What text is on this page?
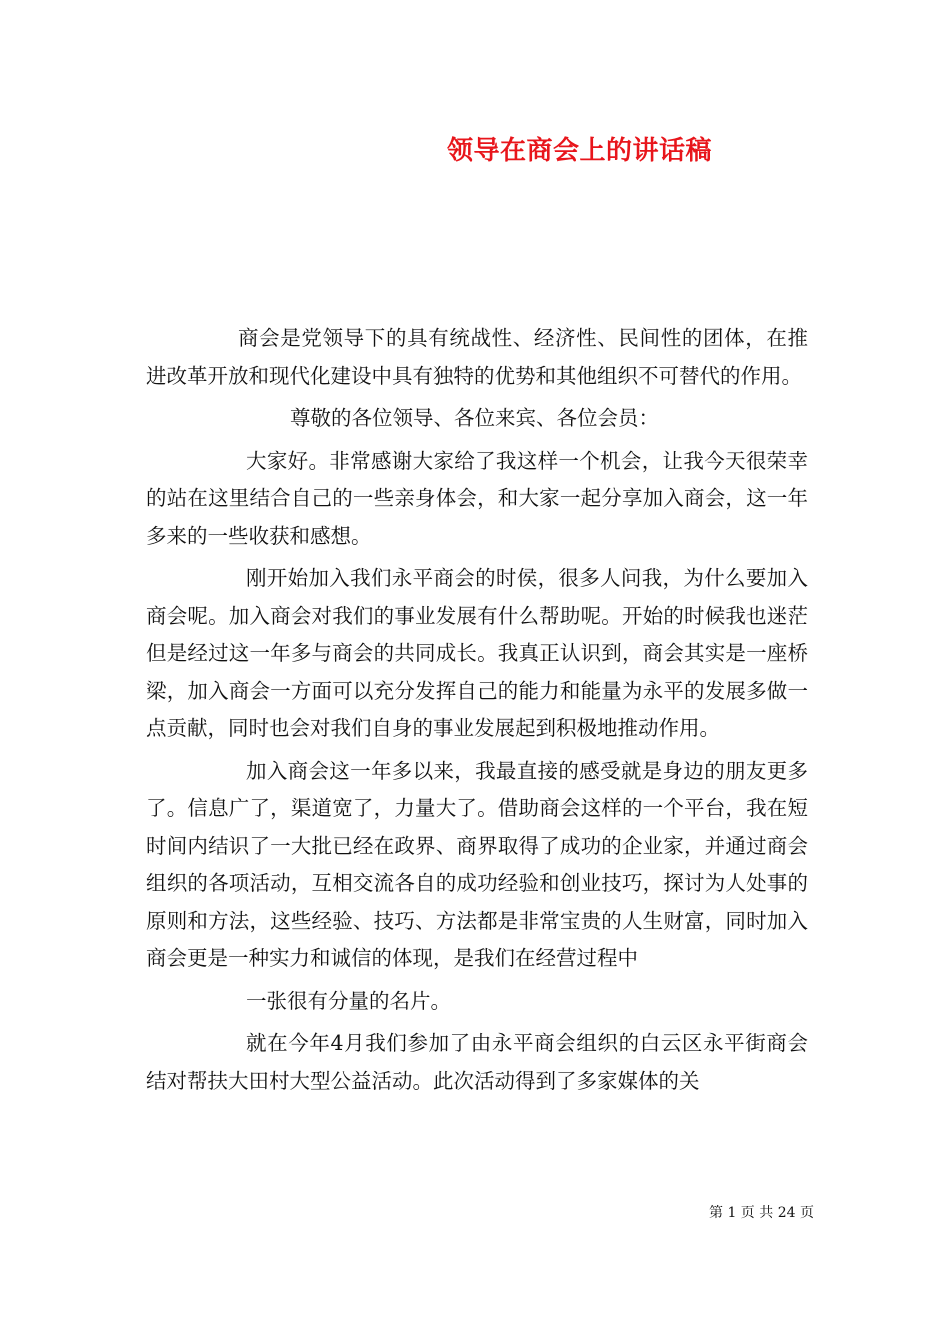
领导在商会上的讲话稿

商会是党领导下的具有统战性、经济性、民间性的团体，在推进改革开放和现代化建设中具有独特的优势和其他组织不可替代的作用。

尊敬的各位领导、各位来宾、各位会员：

大家好。非常感谢大家给了我这样一个机会，让我今天很荣幸的站在这里结合自己的一些亲身体会，和大家一起分享加入商会，这一年多来的一些收获和感想。

刚开始加入我们永平商会的时侯，很多人问我，为什么要加入商会呢。加入商会对我们的事业发展有什么帮助呢。开始的时候我也迷茫但是经过这一年多与商会的共同成长。我真正认识到，商会其实是一座桥梁，加入商会一方面可以充分发挥自己的能力和能量为永平的发展多做一点贡献，同时也会对我们自身的事业发展起到积极地推动作用。

加入商会这一年多以来，我最直接的感受就是身边的朋友更多了。信息广了，渠道宽了，力量大了。借助商会这样的一个平台，我在短时间内结识了一大批已经在政界、商界取得了成功的企业家，并通过商会组织的各项活动，互相交流各自的成功经验和创业技巧，探讨为人处事的原则和方法，这些经验、技巧、方法都是非常宝贵的人生财富，同时加入商会更是一种实力和诚信的体现，是我们在经营过程中

一张很有分量的名片。

就在今年4月我们参加了由永平商会组织的白云区永平街商会结对帮扶大田村大型公益活动。此次活动得到了多家媒体的关

第 1 页 共 24 页
